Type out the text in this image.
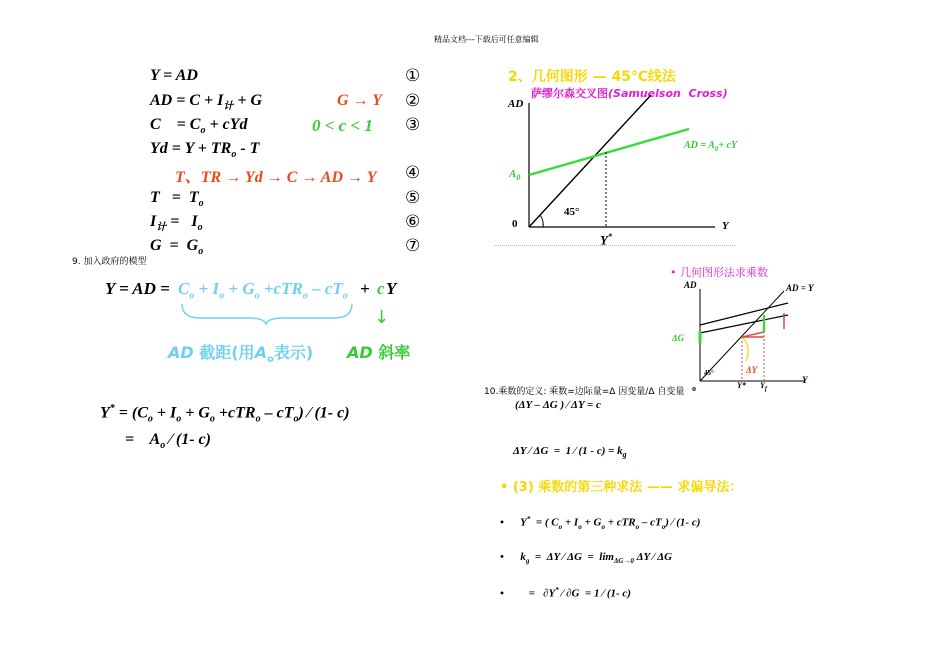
精品文档---下载后可任意编辑
Y = AD	①
AD = $C + I_计 + G$	G → Y ②
C    = $C_o$ + cYd	0 < c < 1 ③
$Yd = Y + TR_o - T$
T、TR → Yd → C → AD → Y ④
$T = T_o$	⑤
$I_计 = I_o$	⑥
$G = G_o$	⑦
9. 加入政府的模型
Y = AD = $C_o + I_o + G_o +cTR_o - cT_o + c$ Y
↓
AD 截距(用$A_o$表示) AD 斜率
$Y^* = (C_o + I_o + G_o +cTR_o - cT_o)$ ∕ (1- c)
=    $A_o$ ∕ (1- c)
2、几何图形 — 45℃线法
萨缪尔森交叉图(Samuelson  Cross)
AD
Y
0
$A_0$
45°
AD = $A_0+$ cY
Y*
• 几何图形法求乘数
AD	AD = Y
ΔG
ΔY
45°
o	Y* $Y_f$
Y
10.乘数的定义: 乘数=边际量=Δ 因变量/Δ 自变量
(ΔY – ΔG ) ∕ ΔY = c
ΔY ∕ ΔG  =  1 ∕ $(1 - c) = k_g$
• (3) 乘数的第三种求法 —— 求偏导法：
•      Y*  = ( $C_o + I_o + G_o + cTR_o - cT_o$) ∕ (1- c)
•      $k_g = \Delta Y$ ∕ $\Delta G = \lim_{\Delta G\to 0} \Delta Y$ ∕ ΔG
•         =   ∂Y* ∕ ∂G  = 1 ∕ (1- c)
